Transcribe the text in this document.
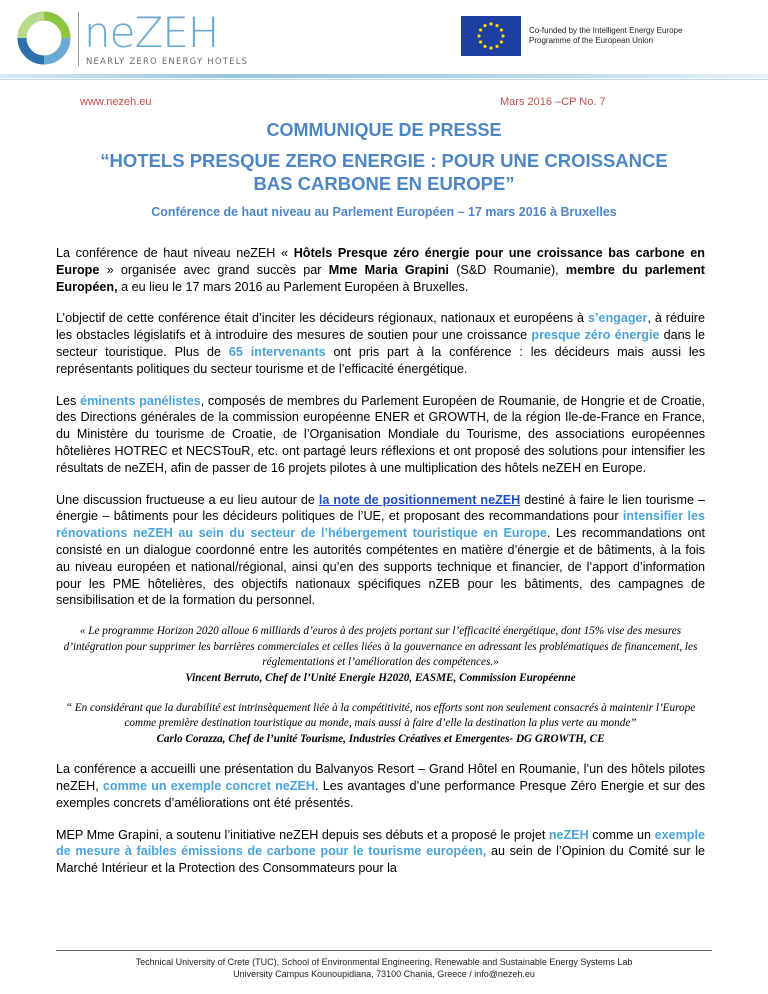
neZEH
NEARLY ZERO ENERGY HOTELS
Co-funded by the Intelligent Energy Europe
Programme of the European Union
www.nezeh.eu	Mars 2016 –CP No. 7
COMMUNIQUE DE PRESSE
“HOTELS PRESQUE ZERO ENERGIE : POUR UNE CROISSANCE
BAS CARBONE EN EUROPE”
Conférence de haut niveau au Parlement Européen – 17 mars 2016 à Bruxelles

La conférence de haut niveau neZEH « Hôtels Presque zéro énergie pour une croissance bas carbone en Europe » organisée avec grand succès par Mme Maria Grapini (S&D Roumanie), membre du parlement Européen, a eu lieu le 17 mars 2016 au Parlement Européen à Bruxelles.

L’objectif de cette conférence était d’inciter les décideurs régionaux, nationaux et européens à s’engager, à réduire les obstacles législatifs et à introduire des mesures de soutien pour une croissance presque zéro énergie dans le secteur touristique. Plus de 65 intervenants ont pris part à la conférence : les décideurs mais aussi les représentants politiques du secteur tourisme et de l’efficacité énergétique.

Les éminents panélistes, composés de membres du Parlement Européen de Roumanie, de Hongrie et de Croatie, des Directions générales de la commission européenne ENER et GROWTH, de la région Ile-de-France en France, du Ministère du tourisme de Croatie, de l’Organisation Mondiale du Tourisme, des associations européennes hôtelières HOTREC et NECSTouR, etc. ont partagé leurs réflexions et ont proposé des solutions pour intensifier les résultats de neZEH, afin de passer de 16 projets pilotes à une multiplication des hôtels neZEH en Europe.

Une discussion fructueuse a eu lieu autour de la note de positionnement neZEH destiné à faire le lien tourisme – énergie – bâtiments pour les décideurs politiques de l’UE, et proposant des recommandations pour intensifier les rénovations neZEH au sein du secteur de l’hébergement touristique en Europe. Les recommandations ont consisté en un dialogue coordonné entre les autorités compétentes en matière d’énergie et de bâtiments, à la fois au niveau européen et national/régional, ainsi qu’en des supports technique et financier, de l’apport d’information pour les PME hôtelières, des objectifs nationaux spécifiques nZEB pour les bâtiments, des campagnes de sensibilisation et de la formation du personnel.

« Le programme Horizon 2020 alloue 6 milliards d’euros à des projets portant sur l’efficacité énergétique, dont 15% vise des mesures d’intégration pour supprimer les barrières commerciales et celles liées à la gouvernance en adressant les problématiques de financement, les réglementations et l’amélioration des compétences.»
Vincent Berruto, Chef de l’Unité Energie H2020, EASME, Commission Européenne
“ En considérant que la durabilité est intrinsèquement liée à la compétitivité, nos efforts sont non seulement consacrés à maintenir l’Europe comme première destination touristique au monde, mais aussi à faire d’elle la destination la plus verte au monde”
Carlo Corazza, Chef de l’unité Tourisme, Industries Créatives et Emergentes- DG GROWTH, CE

La conférence a accueilli une présentation du Balvanyos Resort – Grand Hôtel en Roumanie, l’un des hôtels pilotes neZEH, comme un exemple concret neZEH. Les avantages d’une performance Presque Zéro Energie et sur des exemples concrets d’améliorations ont été présentés.

MEP Mme Grapini, a soutenu l’initiative neZEH depuis ses débuts et a proposé le projet neZEH comme un exemple de mesure à faibles émissions de carbone pour le tourisme européen, au sein de l’Opinion du Comité sur le Marché Intérieur et la Protection des Consommateurs pour la

Technical University of Crete (TUC), School of Environmental Engineering, Renewable and Sustainable Energy Systems Lab
University Campus Kounoupidiana, 73100 Chania, Greece / info@nezeh.eu
